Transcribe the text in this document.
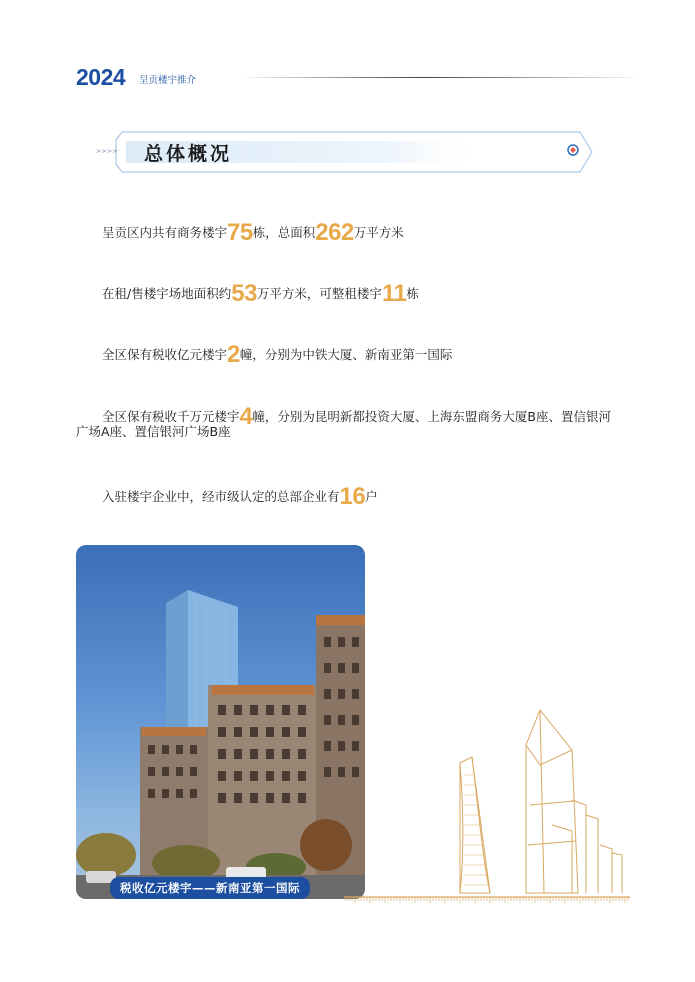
2024 呈贡楼宇推介
>>>>· 总体概况
呈贡区内共有商务楼宇75栋，总面积262万平方米
在租/售楼宇场地面积约53万平方米，可整租楼宇11栋
全区保有税收亿元楼宇2幢，分别为中铁大厦、新南亚第一国际
全区保有税收千万元楼宇4幢，分别为昆明新都投资大厦、上海东盟商务大厦B座、置信银河广场A座、置信银河广场B座
入驻楼宇企业中，经市级认定的总部企业有16户
税收亿元楼宇——新南亚第一国际
